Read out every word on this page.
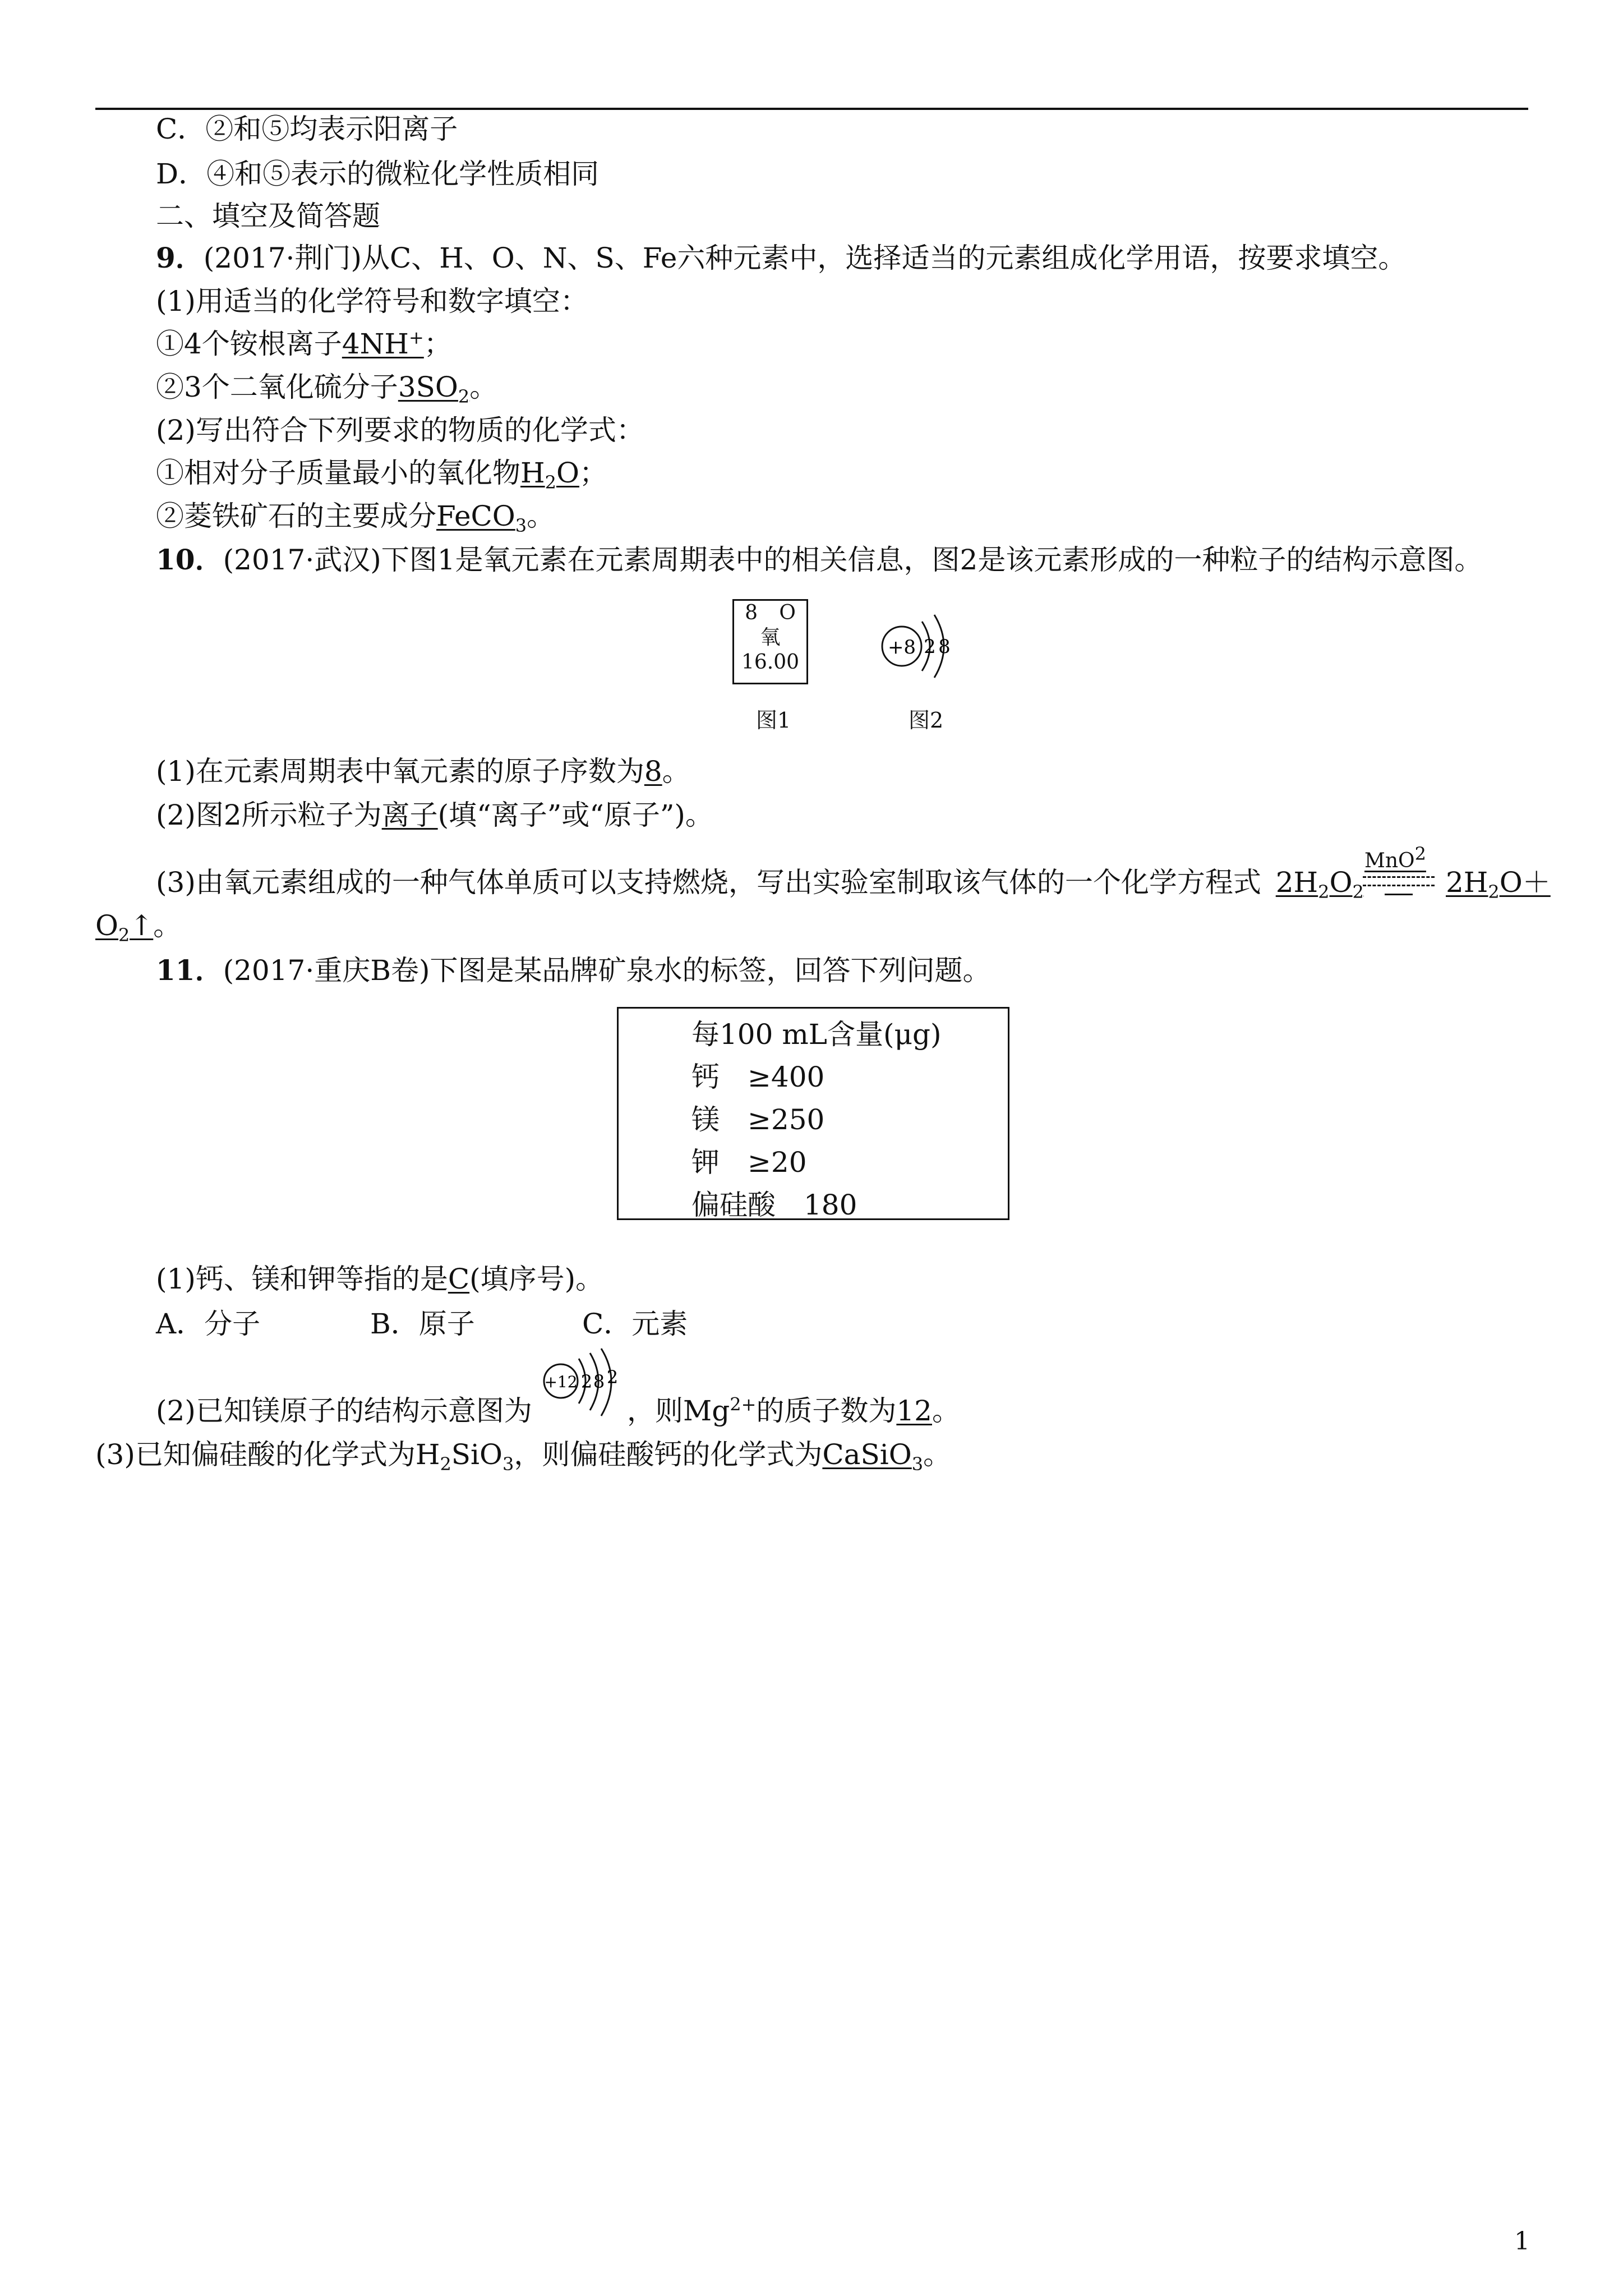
C．②和⑤均表示阳离子
D．④和⑤表示的微粒化学性质相同
二、填空及简答题
9．(2017·荆门)从C、H、O、N、S、Fe六种元素中，选择适当的元素组成化学用语，按要求填空。
(1)用适当的化学符号和数字填空：
①4个铵根离子4NH+；
②3个二氧化硫分子$3SO_2$。
(2)写出符合下列要求的物质的化学式：
①相对分子质量最小的氧化物$H_2O$；
②菱铁矿石的主要成分FeCO$_3$。
10．(2017·武汉)下图1是氧元素在元素周期表中的相关信息，图2是该元素形成的一种粒子的结构示意图。
8 O
氧
16.00
图1
+8 2 8
图2
(1)在元素周期表中氧元素的原子序数为8。
(2)图2所示粒子为离子(填“离子”或“原子”)。
(3)由氧元素组成的一种气体单质可以支持燃烧，写出实验室制取该气体的一个化学方程式 $2H_2O_2$
MnO$^2$
$2H_2O+$
$O_2↑$。
11．(2017·重庆B卷)下图是某品牌矿泉水的标签，回答下列问题。
每100 mL含量(μg)
钙　≥400
镁　≥250
钾　≥20
偏硅酸　180
(1)钙、镁和钾等指的是C(填序号)。
A．分子	B．原子	C．元素
(2)已知镁原子的结构示意图为
+12 2 8 2
，则$Mg^{2+}$的质子数为12。
(3)已知偏硅酸的化学式为$H_2SiO_3$，则偏硅酸钙的化学式为CaSiO$_3$。
1
